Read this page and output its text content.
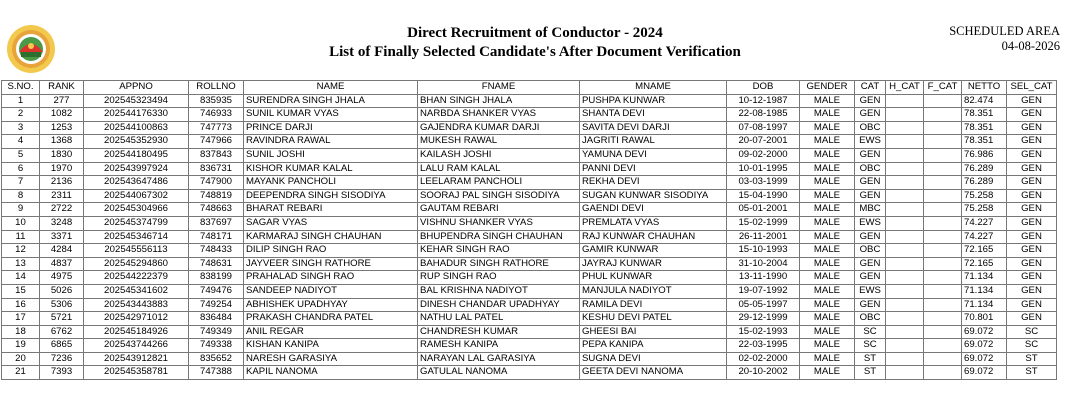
Direct Recruitment of Conductor - 2024
List of Finally Selected Candidate's After Document Verification
SCHEDULED AREA
04-08-2026
S.NO.	RANK	APPNO	ROLLNO	NAME	FNAME	MNAME	DOB	GENDER	CAT	H_CAT	F_CAT	NETTO	SEL_CAT
1	277	202545323494	835935	SURENDRA SINGH JHALA	BHAN SINGH JHALA	PUSHPA KUNWAR	10-12-1987	MALE	GEN			82.474	GEN
2	1082	202544176330	746933	SUNIL KUMAR VYAS	NARBDA SHANKER VYAS	SHANTA DEVI	22-08-1985	MALE	GEN			78.351	GEN
3	1253	202544100863	747773	PRINCE DARJI	GAJENDRA KUMAR DARJI	SAVITA DEVI DARJI	07-08-1997	MALE	OBC			78.351	GEN
4	1368	202545352930	747966	RAVINDRA RAWAL	MUKESH RAWAL	JAGRITI RAWAL	20-07-2001	MALE	EWS			78.351	GEN
5	1830	202544180495	837843	SUNIL JOSHI	KAILASH JOSHI	YAMUNA DEVI	09-02-2000	MALE	GEN			76.986	GEN
6	1970	202543997924	836731	KISHOR KUMAR KALAL	LALU RAM KALAL	PANNI DEVI	10-01-1995	MALE	OBC			76.289	GEN
7	2136	202543647486	747900	MAYANK PANCHOLI	LEELARAM PANCHOLI	REKHA DEVI	03-03-1999	MALE	GEN			76.289	GEN
8	2311	202544067302	748819	DEEPENDRA SINGH SISODIYA	SOORAJ PAL SINGH SISODIYA	SUGAN KUNWAR SISODIYA	15-04-1990	MALE	GEN			75.258	GEN
9	2722	202545304966	748663	BHARAT REBARI	GAUTAM REBARI	GAENDI DEVI	05-01-2001	MALE	MBC			75.258	GEN
10	3248	202545374799	837697	SAGAR VYAS	VISHNU SHANKER VYAS	PREMLATA VYAS	15-02-1999	MALE	EWS			74.227	GEN
11	3371	202545346714	748171	KARMARAJ SINGH CHAUHAN	BHUPENDRA SINGH CHAUHAN	RAJ KUNWAR CHAUHAN	26-11-2001	MALE	GEN			74.227	GEN
12	4284	202545556113	748433	DILIP SINGH RAO	KEHAR SINGH RAO	GAMIR KUNWAR	15-10-1993	MALE	OBC			72.165	GEN
13	4837	202545294860	748631	JAYVEER SINGH RATHORE	BAHADUR SINGH RATHORE	JAYRAJ KUNWAR	31-10-2004	MALE	GEN			72.165	GEN
14	4975	202544222379	838199	PRAHALAD SINGH RAO	RUP SINGH RAO	PHUL KUNWAR	13-11-1990	MALE	GEN			71.134	GEN
15	5026	202545341602	749476	SANDEEP NADIYOT	BAL KRISHNA NADIYOT	MANJULA NADIYOT	19-07-1992	MALE	EWS			71.134	GEN
16	5306	202543443883	749254	ABHISHEK UPADHYAY	DINESH CHANDAR UPADHYAY	RAMILA DEVI	05-05-1997	MALE	GEN			71.134	GEN
17	5721	202542971012	836484	PRAKASH CHANDRA PATEL	NATHU LAL PATEL	KESHU DEVI PATEL	29-12-1999	MALE	OBC			70.801	GEN
18	6762	202545184926	749349	ANIL REGAR	CHANDRESH KUMAR	GHEESI BAI	15-02-1993	MALE	SC			69.072	SC
19	6865	202543744266	749338	KISHAN KANIPA	RAMESH KANIPA	PEPA KANIPA	22-03-1995	MALE	SC			69.072	SC
20	7236	202543912821	835652	NARESH GARASIYA	NARAYAN LAL GARASIYA	SUGNA DEVI	02-02-2000	MALE	ST			69.072	ST
21	7393	202545358781	747388	KAPIL NANOMA	GATULAL NANOMA	GEETA DEVI NANOMA	20-10-2002	MALE	ST			69.072	ST
